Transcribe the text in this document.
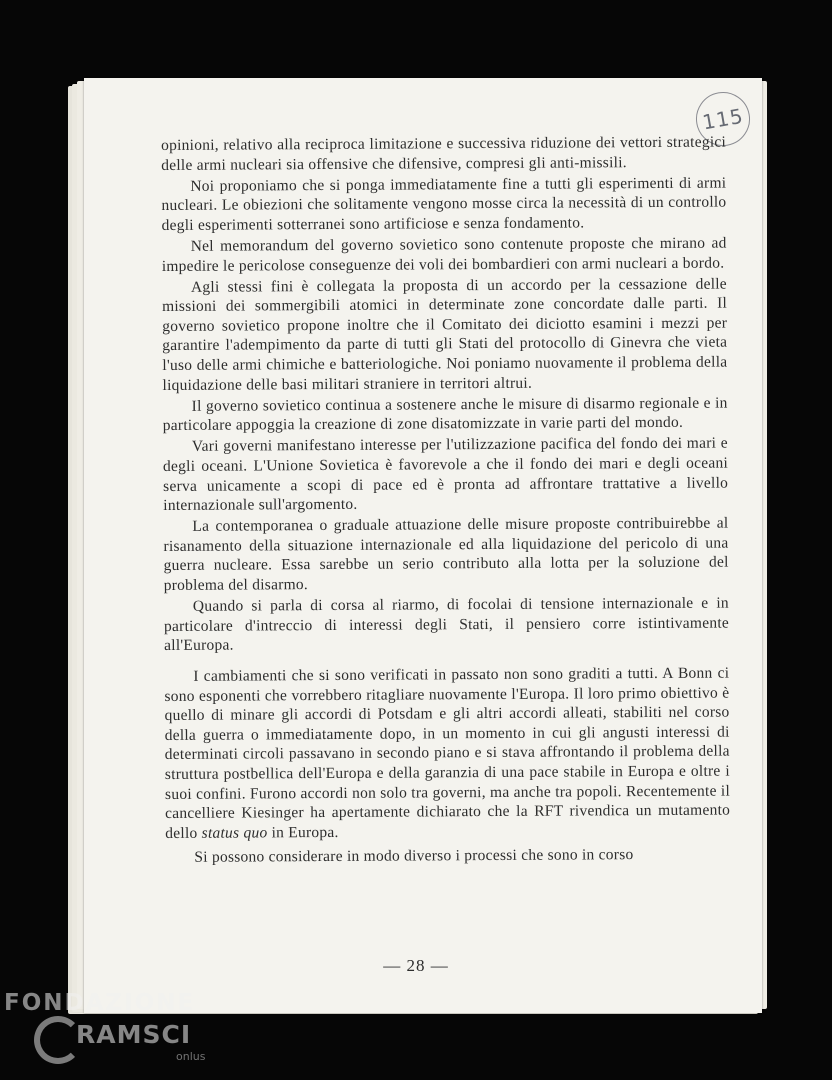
115

opinioni, relativo alla reciproca limitazione e successiva riduzione dei vettori strategici delle armi nucleari sia offensive che difensive, compresi gli anti-missili.

Noi proponiamo che si ponga immediatamente fine a tutti gli esperimenti di armi nucleari. Le obiezioni che solitamente vengono mosse circa la necessità di un controllo degli esperimenti sotterranei sono artificiose e senza fondamento.

Nel memorandum del governo sovietico sono contenute proposte che mirano ad impedire le pericolose conseguenze dei voli dei bombardieri con armi nucleari a bordo.

Agli stessi fini è collegata la proposta di un accordo per la cessazione delle missioni dei sommergibili atomici in determinate zone concordate dalle parti. Il governo sovietico propone inoltre che il Comitato dei diciotto esamini i mezzi per garantire l'adempimento da parte di tutti gli Stati del protocollo di Ginevra che vieta l'uso delle armi chimiche e batteriologiche. Noi poniamo nuovamente il problema della liquidazione delle basi militari straniere in territori altrui.

Il governo sovietico continua a sostenere anche le misure di disarmo regionale e in particolare appoggia la creazione di zone disatomizzate in varie parti del mondo.

Vari governi manifestano interesse per l'utilizzazione pacifica del fondo dei mari e degli oceani. L'Unione Sovietica è favorevole a che il fondo dei mari e degli oceani serva unicamente a scopi di pace ed è pronta ad affrontare trattative a livello internazionale sull'argomento.

La contemporanea o graduale attuazione delle misure proposte contribuirebbe al risanamento della situazione internazionale ed alla liquidazione del pericolo di una guerra nucleare. Essa sarebbe un serio contributo alla lotta per la soluzione del problema del disarmo.

Quando si parla di corsa al riarmo, di focolai di tensione internazionale e in particolare d'intreccio di interessi degli Stati, il pensiero corre istintivamente all'Europa.

I cambiamenti che si sono verificati in passato non sono graditi a tutti. A Bonn ci sono esponenti che vorrebbero ritagliare nuovamente l'Europa. Il loro primo obiettivo è quello di minare gli accordi di Potsdam e gli altri accordi alleati, stabiliti nel corso della guerra o immediatamente dopo, in un momento in cui gli angusti interessi di determinati circoli passavano in secondo piano e si stava affrontando il problema della struttura postbellica dell'Europa e della garanzia di una pace stabile in Europa e oltre i suoi confini. Furono accordi non solo tra governi, ma anche tra popoli. Recentemente il cancelliere Kiesinger ha apertamente dichiarato che la RFT rivendica un mutamento dello status quo in Europa.

Si possono considerare in modo diverso i processi che sono in corso

— 28 —
FONDAZIONE
RAMSCI
onlus
